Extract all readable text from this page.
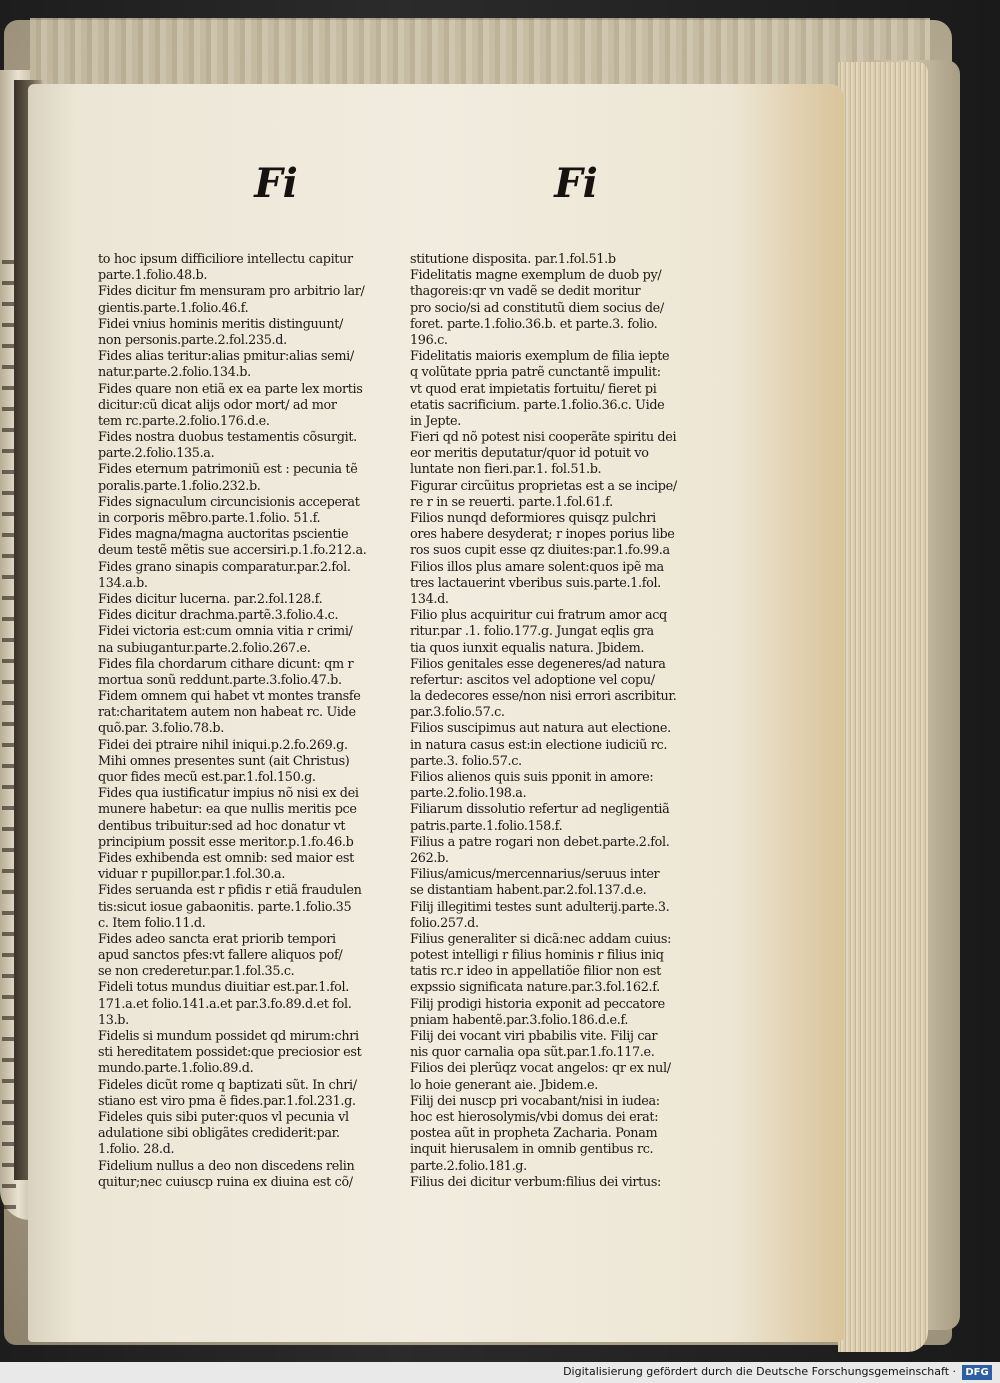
Fi	Fi
to hoc ipsum difficiliore intellectu capitur
parte.1.folio.48.b.
Fides dicitur fm mensuram pro arbitrio lar/
gientis.parte.1.folio.46.f.
Fidei vnius hominis meritis distinguunt/
non personis.parte.2.fol.235.d.
Fides alias teritur:alias pmitur:alias semi/
natur.parte.2.folio.134.b.
Fides quare non etiã ex ea parte lex mortis
dicitur:cũ dicat alijs odor mort/ ad mor
tem rc.parte.2.folio.176.d.e.
Fides nostra duobus testamentis cõsurgit.
parte.2.folio.135.a.
Fides eternum patrimoniũ est : pecunia tẽ
poralis.parte.1.folio.232.b.
Fides signaculum circuncisionis acceperat
in corporis mẽbro.parte.1.folio. 51.f.
Fides magna/magna auctoritas pscientie
deum testẽ mẽtis sue accersiri.p.1.fo.212.a.
Fides grano sinapis comparatur.par.2.fol.
134.a.b.
Fides dicitur lucerna. par.2.fol.128.f.
Fides dicitur drachma.partẽ.3.folio.4.c.
Fidei victoria est:cum omnia vitia r crimi/
na subiugantur.parte.2.folio.267.e.
Fides fila chordarum cithare dicunt: qm r
mortua sonũ reddunt.parte.3.folio.47.b.
Fidem omnem qui habet vt montes transfe
rat:charitatem autem non habeat rc. Uide
quõ.par. 3.folio.78.b.
Fidei dei ptraire nihil iniqui.p.2.fo.269.g.
Mihi omnes presentes sunt (ait Christus)
quor fides mecũ est.par.1.fol.150.g.
Fides qua iustificatur impius nõ nisi ex dei
munere habetur: ea que nullis meritis pce
dentibus tribuitur:sed ad hoc donatur vt
principium possit esse meritor.p.1.fo.46.b
Fides exhibenda est omnib: sed maior est
viduar r pupillor.par.1.fol.30.a.
Fides seruanda est r pfidis r etiã fraudulen
tis:sicut iosue gabaonitis. parte.1.folio.35
c. Item folio.11.d.
Fides adeo sancta erat priorib tempori
apud sanctos pfes:vt fallere aliquos pof/
se non crederetur.par.1.fol.35.c.
Fideli totus mundus diuitiar est.par.1.fol.
171.a.et folio.141.a.et par.3.fo.89.d.et fol.
13.b.
Fidelis si mundum possidet qd mirum:chri
sti hereditatem possidet:que preciosior est
mundo.parte.1.folio.89.d.
Fideles dicũt rome q baptizati sũt. In chri/
stiano est viro pma ẽ fides.par.1.fol.231.g.
Fideles quis sibi puter:quos vl pecunia vl
adulatione sibi obligãtes crediderit:par.
1.folio. 28.d.
Fidelium nullus a deo non discedens relin
quitur;nec cuiuscp ruina ex diuina est cõ/
stitutione disposita. par.1.fol.51.b
Fidelitatis magne exemplum de duob py/
thagoreis:qr vn vadẽ se dedit moritur
pro socio/si ad constitutũ diem socius de/
foret. parte.1.folio.36.b. et parte.3. folio.
196.c.
Fidelitatis maioris exemplum de filia iepte
q volũtate ppria patrẽ cunctantẽ impulit:
vt quod erat impietatis fortuitu/ fieret pi
etatis sacrificium. parte.1.folio.36.c. Uide
in Jepte.
Fieri qd nõ potest nisi cooperãte spiritu dei
eor meritis deputatur/quor id potuit vo
luntate non fieri.par.1. fol.51.b.
Figurar circũitus proprietas est a se incipe/
re r in se reuerti. parte.1.fol.61.f.
Filios nunqd deformiores quisqz pulchri
ores habere desyderat; r inopes porius libe
ros suos cupit esse qz diuites:par.1.fo.99.a
Filios illos plus amare solent:quos ipẽ ma
tres lactauerint vberibus suis.parte.1.fol.
134.d.
Filio plus acquiritur cui fratrum amor acq
ritur.par .1. folio.177.g. Jungat eqlis gra
tia quos iunxit equalis natura. Jbidem.
Filios genitales esse degeneres/ad natura
refertur: ascitos vel adoptione vel copu/
la dedecores esse/non nisi errori ascribitur.
par.3.folio.57.c.
Filios suscipimus aut natura aut electione.
in natura casus est:in electione iudiciũ rc.
parte.3. folio.57.c.
Filios alienos quis suis pponit in amore:
parte.2.folio.198.a.
Filiarum dissolutio refertur ad negligentiã
patris.parte.1.folio.158.f.
Filius a patre rogari non debet.parte.2.fol.
262.b.
Filius/amicus/mercennarius/seruus inter
se distantiam habent.par.2.fol.137.d.e.
Filij illegitimi testes sunt adulterij.parte.3.
folio.257.d.
Filius generaliter si dicã:nec addam cuius:
potest intelligi r filius hominis r filius iniq
tatis rc.r ideo in appellatiõe filior non est
expssio significata nature.par.3.fol.162.f.
Filij prodigi historia exponit ad peccatore
pniam habentẽ.par.3.folio.186.d.e.f.
Filij dei vocant viri pbabilis vite. Filij car
nis quor carnalia opa sũt.par.1.fo.117.e.
Filios dei plerũqz vocat angelos: qr ex nul/
lo hoie generant aie. Jbidem.e.
Filij dei nuscp pri vocabant/nisi in iudea:
hoc est hierosolymis/vbi domus dei erat:
postea aũt in propheta Zacharia. Ponam
inquit hierusalem in omnib gentibus rc.
parte.2.folio.181.g.
Filius dei dicitur verbum:filius dei virtus:
Digitalisierung gefördert durch die Deutsche Forschungsgemeinschaft · DFG
